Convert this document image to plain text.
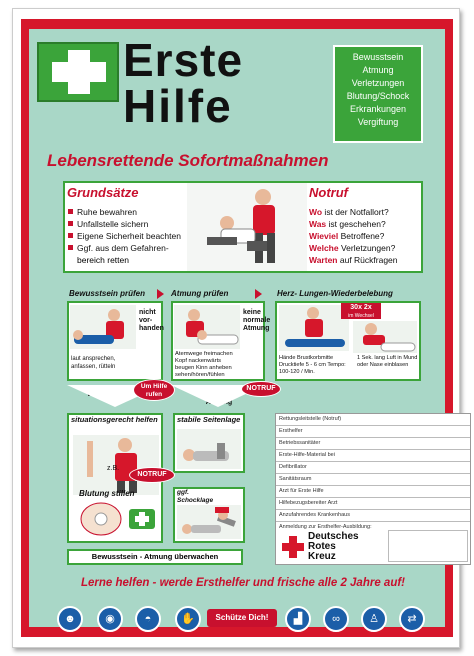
Erste
Hilfe
Bewusstsein
Atmung
Verletzungen
Blutung/Schock
Erkrankungen
Vergiftung
Lebensrettende Sofortmaßnahmen
Grundsätze
Ruhe bewahren
Unfallstelle sichern
Eigene Sicherheit beachten
Ggf. aus dem Gefahren-
bereich retten
Notruf
Wo ist der Notfallort?
Was ist geschehen?
Wieviel Betroffene?
Welche Verletzungen?
Warten auf Rückfragen
Bewusstsein prüfen	Atmung prüfen	Herz- Lungen-Wiederbelebung
nicht vor-handen
laut ansprechen, anfassen, rütteln
vorhanden
Um Hilfe rufen
keine normale Atmung
Atemwege freimachen Kopf nackenwärts beugen Kinn anheben sehen/hören/fühlen
normale Atmung
NOTRUF
30x 2x
im Wechsel
Hände Brustkorbmitte Drucktiefe 5 - 6 cm Tempo: 100-120 / Min.
1 Sek. lang Luft in Mund oder Nase einblasen
situationsgerecht helfen
z.B.
Blutung stillen
stabile Seitenlage
NOTRUF
ggf. Schocklage
Bewusstsein - Atmung überwachen
Rettungsleitstelle (Notruf)
Ersthelfer
Betriebssanitäter
Erste-Hilfe-Material bei
Defibrillator
Sanitätsraum
Arzt für Erste Hilfe
Hilfebezugsbereiter Arzt
Anzufahrendes Krankenhaus
Anmeldung zur Ersthelfer-Ausbildung:
Deutsches
Rotes
Kreuz
Lerne helfen - werde Ersthelfer und frische alle 2 Jahre auf!
☻	◉	◓	✋	Schütze Dich!	▟	∞	♙	⇄
